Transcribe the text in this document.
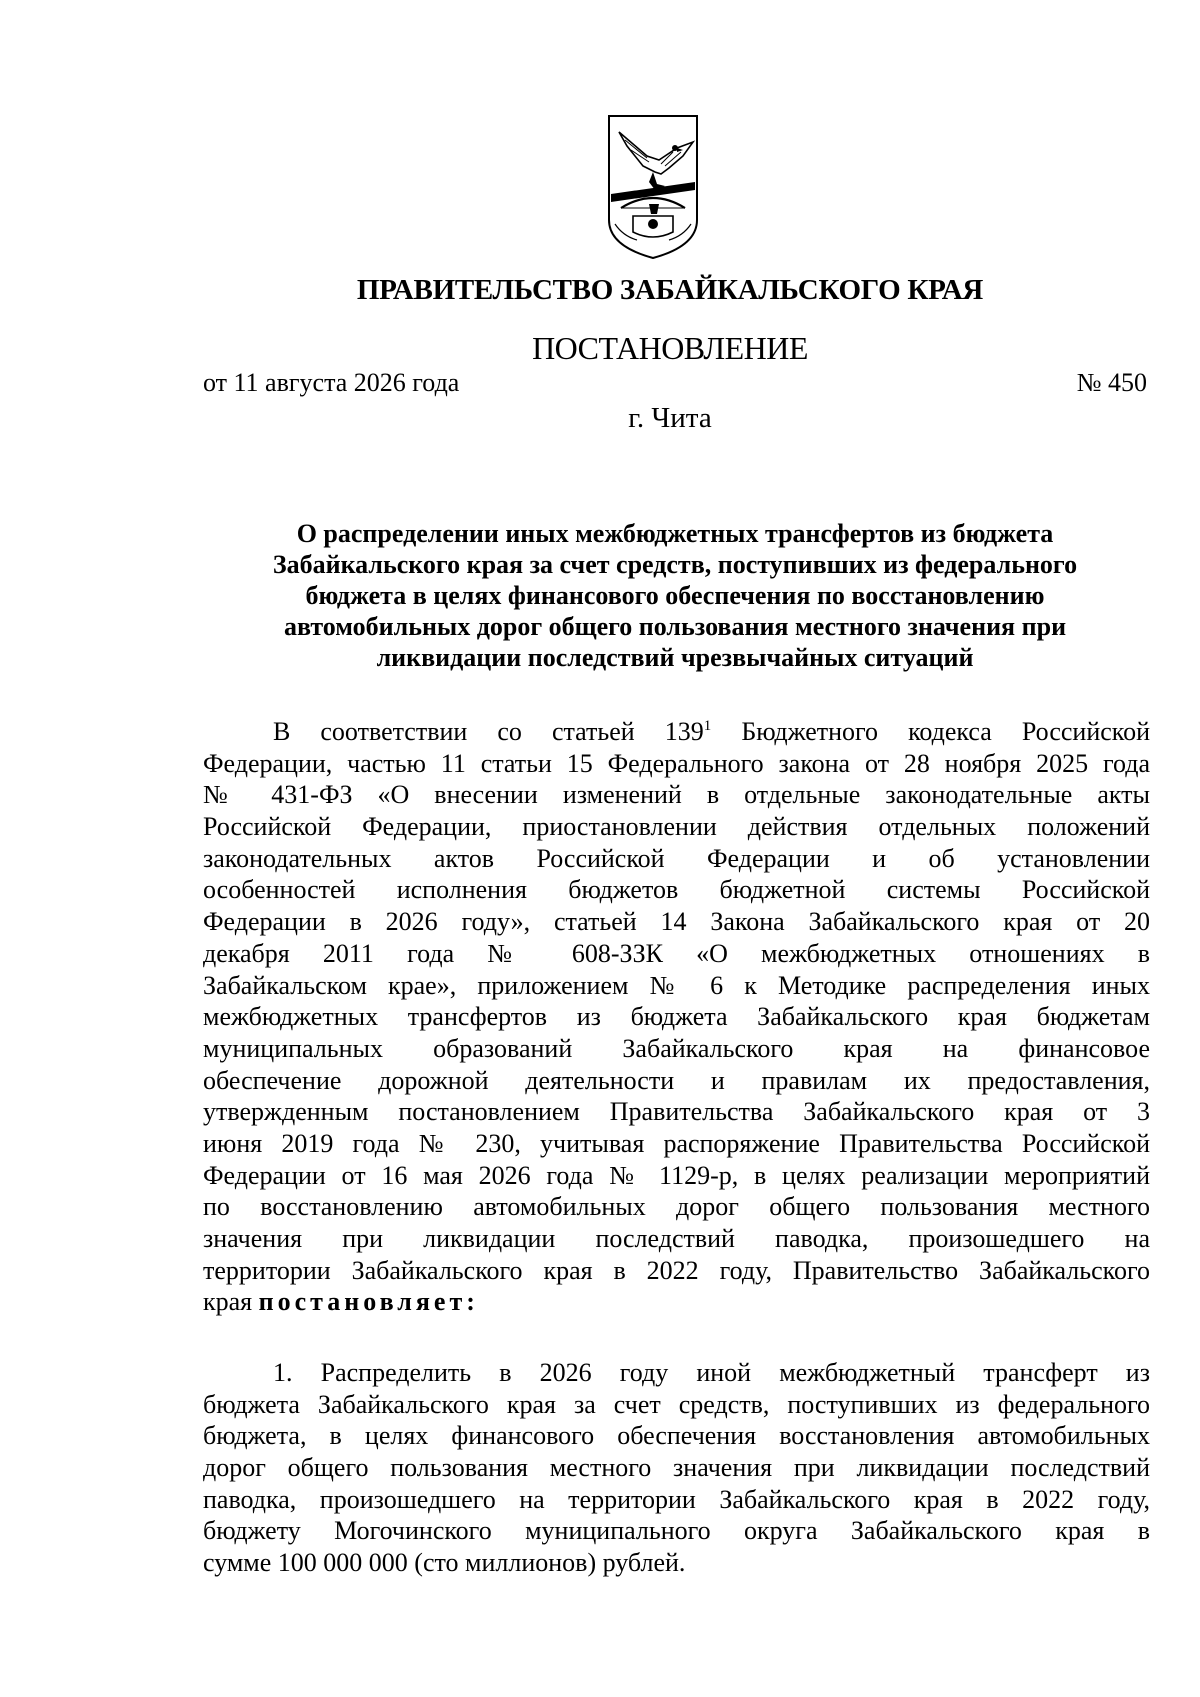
ПРАВИТЕЛЬСТВО ЗАБАЙКАЛЬСКОГО КРАЯ
ПОСТАНОВЛЕНИЕ
от 11 августа 2026 года	№ 450
г. Чита
О распределении иных межбюджетных трансфертов из бюджета
Забайкальского края за счет средств, поступивших из федерального
бюджета в целях финансового обеспечения по восстановлению
автомобильных дорог общего пользования местного значения при
ликвидации последствий чрезвычайных ситуаций
В соответствии со статьей $139^1$ Бюджетного кодекса Российской
Федерации, частью 11 статьи 15 Федерального закона от 28 ноября 2025 года
№ 431-ФЗ «О внесении изменений в отдельные законодательные акты
Российской Федерации, приостановлении действия отдельных положений
законодательных актов Российской Федерации и об установлении
особенностей исполнения бюджетов бюджетной системы Российской
Федерации в 2026 году», статьей 14 Закона Забайкальского края от 20
декабря 2011 года № 608-ЗЗК «О межбюджетных отношениях в
Забайкальском крае», приложением № 6 к Методике распределения иных
межбюджетных трансфертов из бюджета Забайкальского края бюджетам
муниципальных образований Забайкальского края на финансовое
обеспечение дорожной деятельности и правилам их предоставления,
утвержденным постановлением Правительства Забайкальского края от 3
июня 2019 года № 230, учитывая распоряжение Правительства Российской
Федерации от 16 мая 2026 года № 1129-р, в целях реализации мероприятий
по восстановлению автомобильных дорог общего пользования местного
значения при ликвидации последствий паводка, произошедшего на
территории Забайкальского края в 2022 году, Правительство Забайкальского
края постановляет:
1. Распределить в 2026 году иной межбюджетный трансферт из
бюджета Забайкальского края за счет средств, поступивших из федерального
бюджета, в целях финансового обеспечения восстановления автомобильных
дорог общего пользования местного значения при ликвидации последствий
паводка, произошедшего на территории Забайкальского края в 2022 году,
бюджету Могочинского муниципального округа Забайкальского края в
сумме 100 000 000 (сто миллионов) рублей.
